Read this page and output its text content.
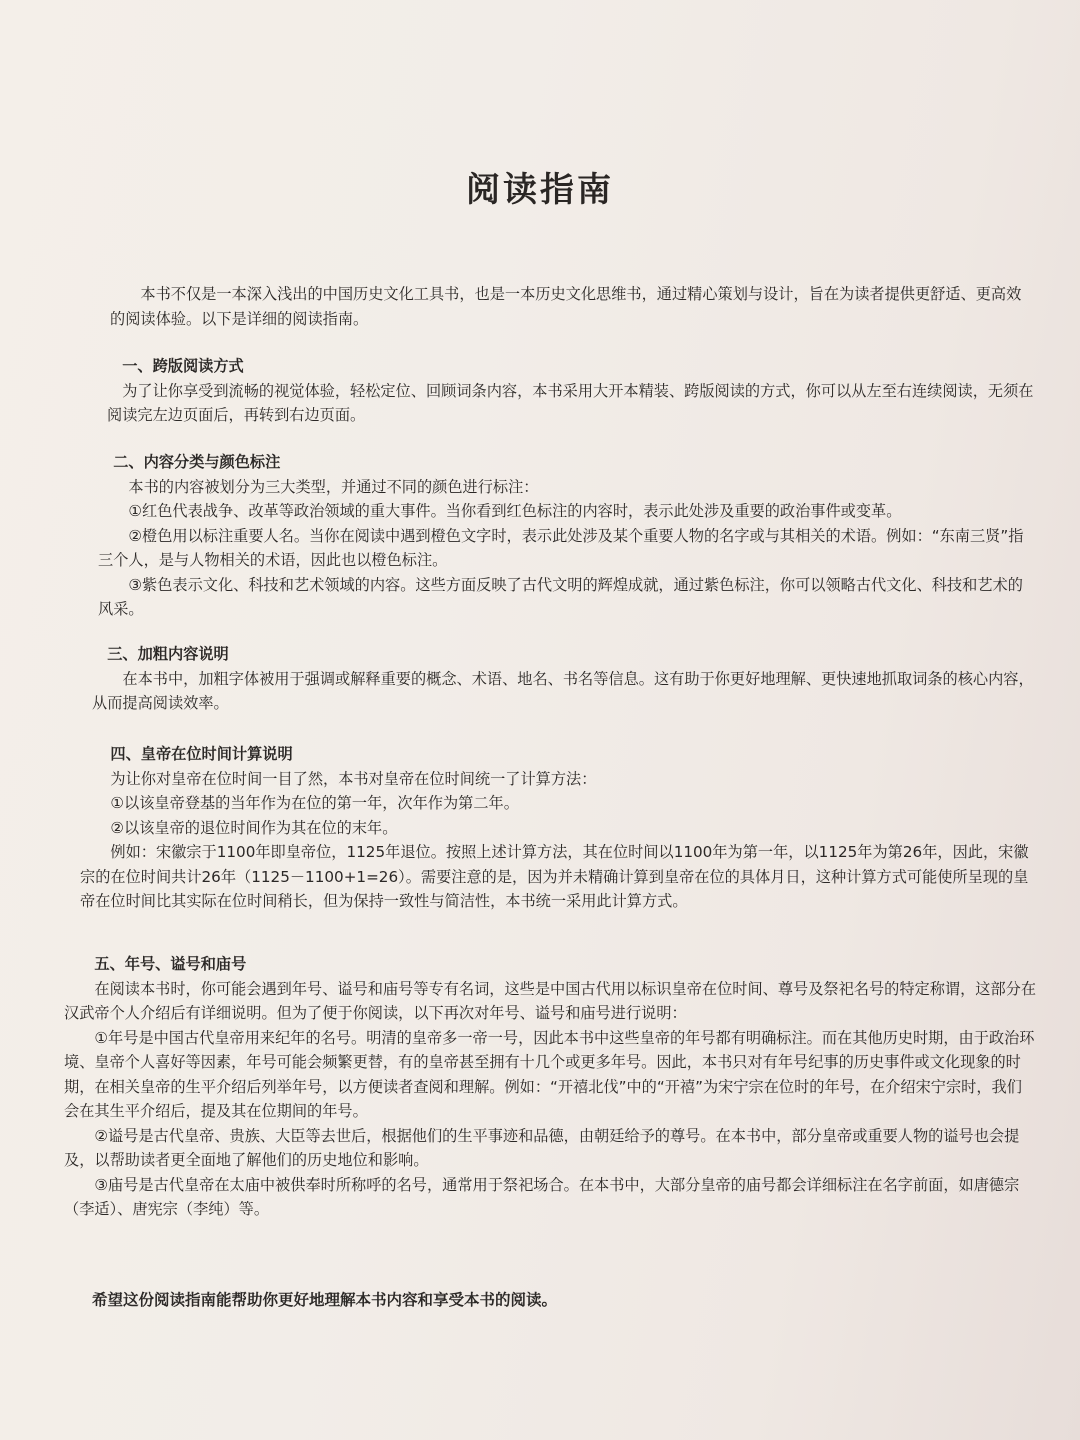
阅读指南

本书不仅是一本深入浅出的中国历史文化工具书，也是一本历史文化思维书，通过精心策划与设计，旨在为读者提供更舒适、更高效的阅读体验。以下是详细的阅读指南。

一、跨版阅读方式

为了让你享受到流畅的视觉体验，轻松定位、回顾词条内容，本书采用大开本精装、跨版阅读的方式，你可以从左至右连续阅读，无须在阅读完左边页面后，再转到右边页面。

二、内容分类与颜色标注

本书的内容被划分为三大类型，并通过不同的颜色进行标注：

①红色代表战争、改革等政治领域的重大事件。当你看到红色标注的内容时，表示此处涉及重要的政治事件或变革。

②橙色用以标注重要人名。当你在阅读中遇到橙色文字时，表示此处涉及某个重要人物的名字或与其相关的术语。例如：“东南三贤”指三个人，是与人物相关的术语，因此也以橙色标注。

③紫色表示文化、科技和艺术领域的内容。这些方面反映了古代文明的辉煌成就，通过紫色标注，你可以领略古代文化、科技和艺术的风采。

三、加粗内容说明

在本书中，加粗字体被用于强调或解释重要的概念、术语、地名、书名等信息。这有助于你更好地理解、更快速地抓取词条的核心内容，从而提高阅读效率。

四、皇帝在位时间计算说明

为让你对皇帝在位时间一目了然，本书对皇帝在位时间统一了计算方法：

①以该皇帝登基的当年作为在位的第一年，次年作为第二年。

②以该皇帝的退位时间作为其在位的末年。

例如：宋徽宗于1100年即皇帝位，1125年退位。按照上述计算方法，其在位时间以1100年为第一年，以1125年为第26年，因此，宋徽宗的在位时间共计26年（1125－1100+1=26）。需要注意的是，因为并未精确计算到皇帝在位的具体月日，这种计算方式可能使所呈现的皇帝在位时间比其实际在位时间稍长，但为保持一致性与简洁性，本书统一采用此计算方式。

五、年号、谥号和庙号

在阅读本书时，你可能会遇到年号、谥号和庙号等专有名词，这些是中国古代用以标识皇帝在位时间、尊号及祭祀名号的特定称谓，这部分在汉武帝个人介绍后有详细说明。但为了便于你阅读，以下再次对年号、谥号和庙号进行说明：

①年号是中国古代皇帝用来纪年的名号。明清的皇帝多一帝一号，因此本书中这些皇帝的年号都有明确标注。而在其他历史时期，由于政治环境、皇帝个人喜好等因素，年号可能会频繁更替，有的皇帝甚至拥有十几个或更多年号。因此，本书只对有年号纪事的历史事件或文化现象的时期，在相关皇帝的生平介绍后列举年号，以方便读者查阅和理解。例如：“开禧北伐”中的“开禧”为宋宁宗在位时的年号，在介绍宋宁宗时，我们会在其生平介绍后，提及其在位期间的年号。

②谥号是古代皇帝、贵族、大臣等去世后，根据他们的生平事迹和品德，由朝廷给予的尊号。在本书中，部分皇帝或重要人物的谥号也会提及，以帮助读者更全面地了解他们的历史地位和影响。

③庙号是古代皇帝在太庙中被供奉时所称呼的名号，通常用于祭祀场合。在本书中，大部分皇帝的庙号都会详细标注在名字前面，如唐德宗（李适）、唐宪宗（李纯）等。

希望这份阅读指南能帮助你更好地理解本书内容和享受本书的阅读。
